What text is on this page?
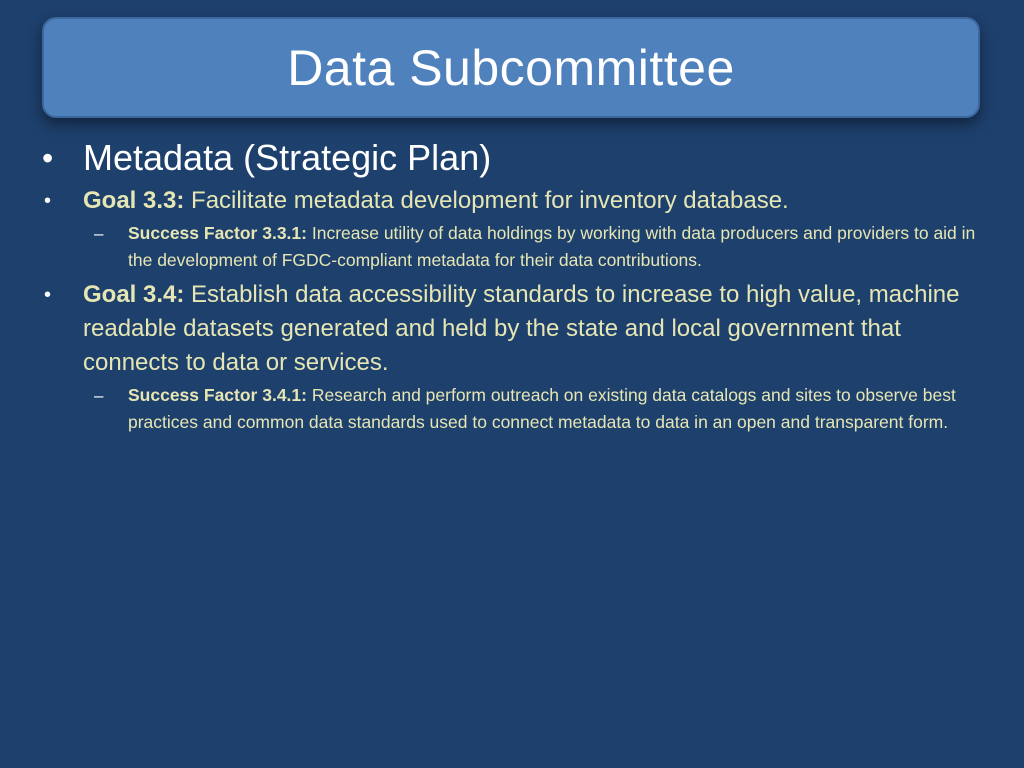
Data Subcommittee
• Metadata (Strategic Plan)
•	Goal 3.3: Facilitate metadata development for inventory database.
–	Success Factor 3.3.1: Increase utility of data holdings by working with data producers and providers to aid in the development of FGDC-compliant metadata for their data contributions.
•	Goal 3.4: Establish data accessibility standards to increase to high value, machine readable datasets generated and held by the state and local government that connects to data or services.
–	Success Factor 3.4.1: Research and perform outreach on existing data catalogs and sites to observe best practices and common data standards used to connect metadata to data in an open and transparent form.
